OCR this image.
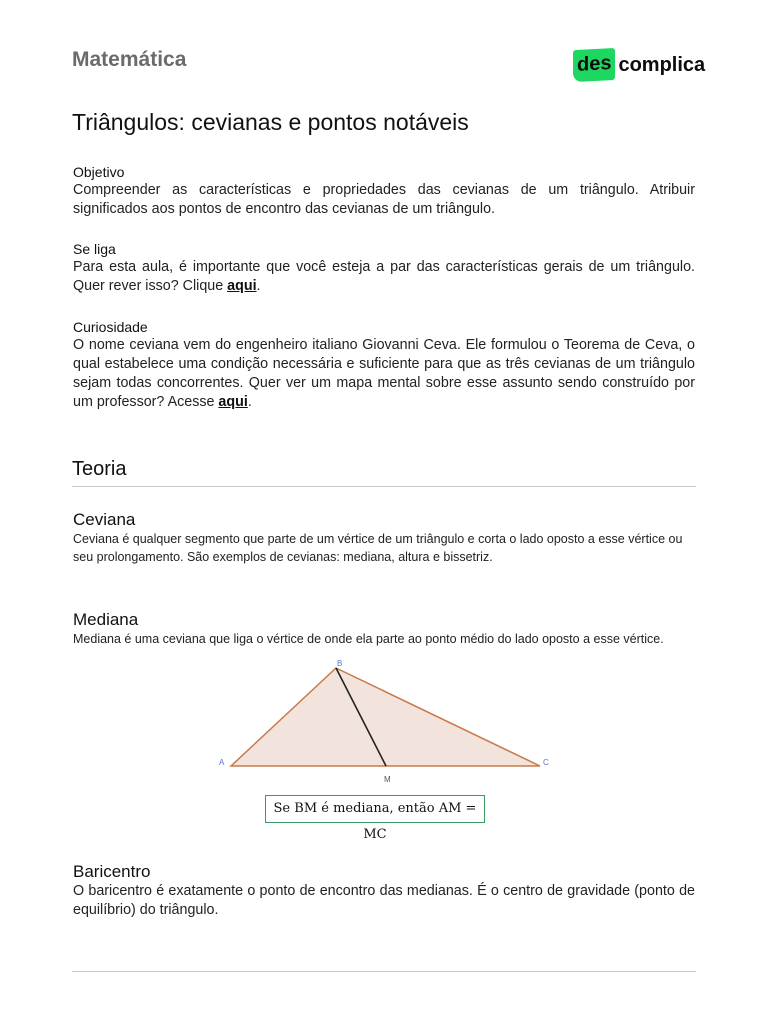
Matemática	des complica
Triângulos: cevianas e pontos notáveis
Objetivo
Compreender as características e propriedades das cevianas de um triângulo. Atribuir significados aos pontos de encontro das cevianas de um triângulo.
Se liga
Para esta aula, é importante que você esteja a par das características gerais de um triângulo. Quer rever isso? Clique aqui.
Curiosidade
O nome ceviana vem do engenheiro italiano Giovanni Ceva. Ele formulou o Teorema de Ceva, o qual estabelece uma condição necessária e suficiente para que as três cevianas de um triângulo sejam todas concorrentes. Quer ver um mapa mental sobre esse assunto sendo construído por um professor? Acesse aqui.
Teoria
Ceviana
Ceviana é qualquer segmento que parte de um vértice de um triângulo e corta o lado oposto a esse vértice ou seu prolongamento. São exemplos de cevianas: mediana, altura e bissetriz.
Mediana
Mediana é uma ceviana que liga o vértice de onde ela parte ao ponto médio do lado oposto a esse vértice.
A
B
C
M
Se BM é mediana, então AM = MC
Baricentro
O baricentro é exatamente o ponto de encontro das medianas. É o centro de gravidade (ponto de equilíbrio) do triângulo.
